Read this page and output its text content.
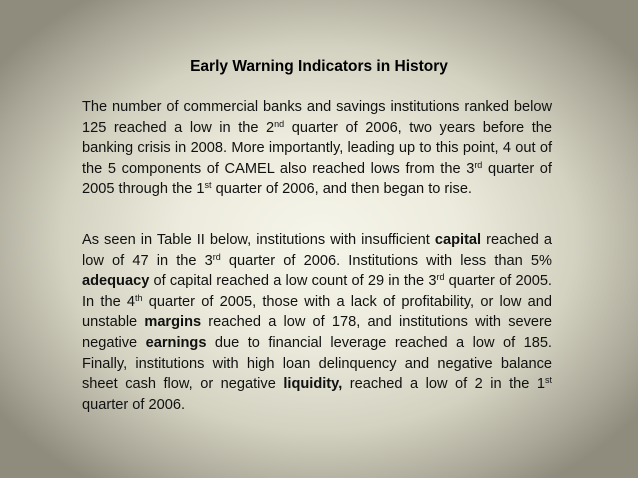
Early Warning Indicators in History

The number of commercial banks and savings institutions ranked below 125 reached a low in the 2nd quarter of 2006, two years before the banking crisis in 2008. More importantly, leading up to this point, 4 out of the 5 components of CAMEL also reached lows from the 3rd quarter of 2005 through the 1st quarter of 2006, and then began to rise.

As seen in Table II below, institutions with insufficient capital reached a low of 47 in the 3rd quarter of 2006. Institutions with less than 5% adequacy of capital reached a low count of 29 in the 3rd quarter of 2005. In the 4th quarter of 2005, those with a lack of profitability, or low and unstable margins reached a low of 178, and institutions with severe negative earnings due to financial leverage reached a low of 185. Finally, institutions with high loan delinquency and negative balance sheet cash flow, or negative liquidity, reached a low of 2 in the 1st quarter of 2006.
